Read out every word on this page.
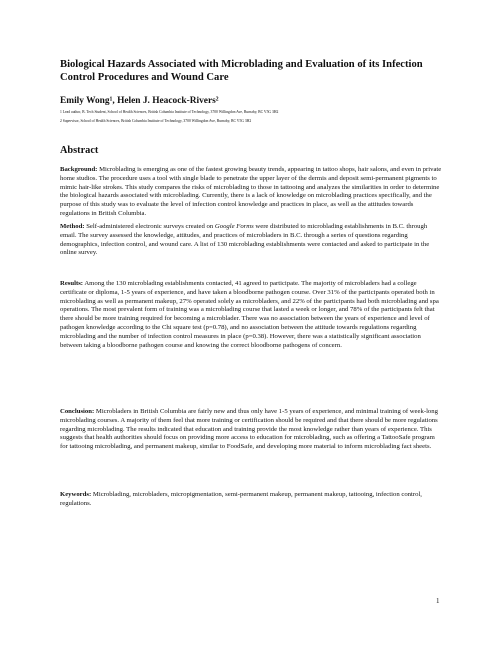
Biological Hazards Associated with Microblading and Evaluation of its Infection Control Procedures and Wound Care
Emily Wong¹, Helen J. Heacock-Rivers²
1 Lead author, B. Tech Student, School of Health Sciences, British Columbia Institute of Technology, 3700 Willingdon Ave, Burnaby, BC V5G 3H2
2 Supervisor, School of Health Sciences, British Columbia Institute of Technology, 3700 Willingdon Ave, Burnaby, BC V5G 3H2
Abstract

Background: Microblading is emerging as one of the fastest growing beauty trends, appearing in tattoo shops, hair salons, and even in private home studios. The procedure uses a tool with single blade to penetrate the upper layer of the dermis and deposit semi-permanent pigments to mimic hair-like strokes. This study compares the risks of microblading to those in tattooing and analyzes the similarities in order to determine the biological hazards associated with microblading. Currently, there is a lack of knowledge on microblading practices specifically, and the purpose of this study was to evaluate the level of infection control knowledge and practices in place, as well as the attitudes towards regulations in British Columbia.

Method: Self-administered electronic surveys created on Google Forms were distributed to microblading establishments in B.C. through email. The survey assessed the knowledge, attitudes, and practices of microbladers in B.C. through a series of questions regarding demographics, infection control, and wound care. A list of 130 microblading establishments were contacted and asked to participate in the online survey.

Results: Among the 130 microblading establishments contacted, 41 agreed to participate. The majority of microbladers had a college certificate or diploma, 1-5 years of experience, and have taken a bloodborne pathogen course. Over 31% of the participants operated both in microblading as well as permanent makeup, 27% operated solely as microbladers, and 22% of the participants had both microblading and spa operations. The most prevalent form of training was a microblading course that lasted a week or longer, and 78% of the participants felt that there should be more training required for becoming a microblader. There was no association between the years of experience and level of pathogen knowledge according to the Chi square test (p=0.78), and no association between the attitude towards regulations regarding microblading and the number of infection control measures in place (p=0.38). However, there was a statistically significant association between taking a bloodborne pathogen course and knowing the correct bloodborne pathogens of concern.

Conclusion: Microbladers in British Columbia are fairly new and thus only have 1-5 years of experience, and minimal training of week-long microblading courses. A majority of them feel that more training or certification should be required and that there should be more regulations regarding microblading. The results indicated that education and training provide the most knowledge rather than years of experience. This suggests that health authorities should focus on providing more access to education for microblading, such as offering a TattooSafe program for tattooing microblading, and permanent makeup, similar to FoodSafe, and developing more material to inform microblading fact sheets.

Keywords: Microblading, microbladers, micropigmentation, semi-permanent makeup, permanent makeup, tattooing, infection control, regulations.

1
